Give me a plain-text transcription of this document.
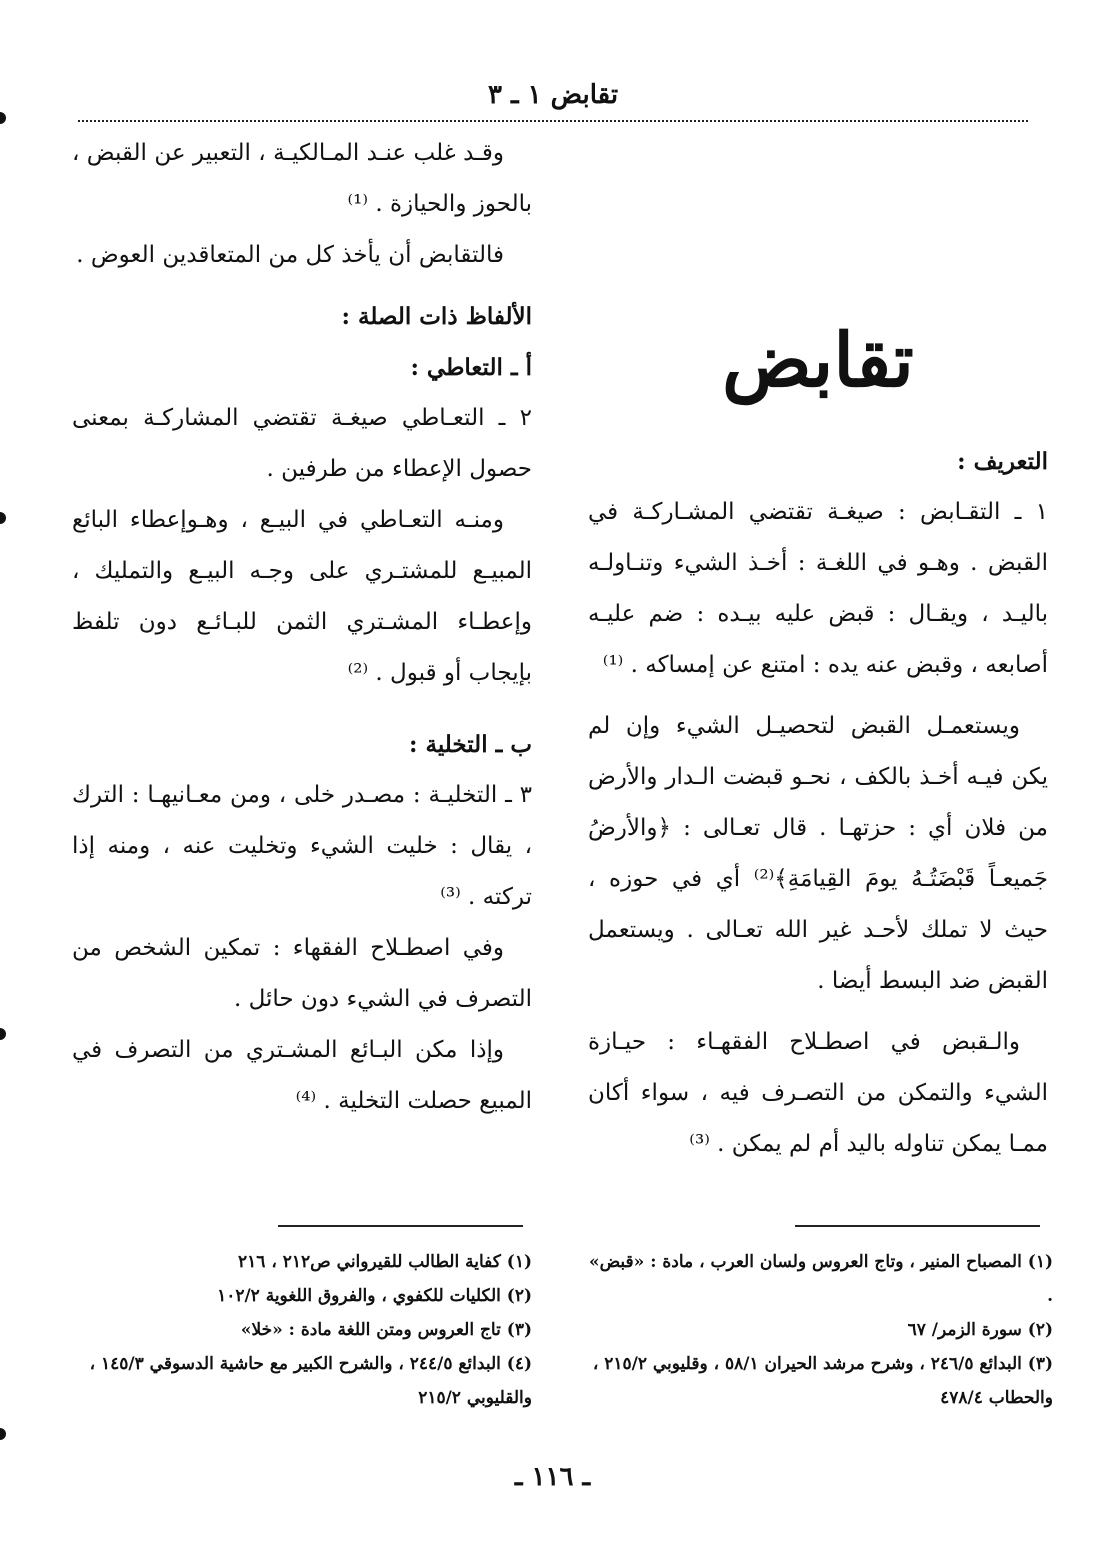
تقابض ١ ـ ٣
تقابض
التعريف :

١ ـ التقـابض : صيغـة تقتضي المشـاركـة في القبض . وهـو في اللغـة : أخـذ الشيء وتنـاولـه باليـد ، ويقـال : قبض عليه بيـده : ضم عليـه أصابعه ، وقبض عنه يده : امتنع عن إمساكه . ⁽¹⁾

ويستعمـل القبض لتحصيـل الشيء وإن لم يكن فيـه أخـذ بالكف ، نحـو قبضت الـدار والأرض من فلان أي : حزتهـا . قال تعـالى : ﴿والأرضُ جَميعـاً قَبْضَتُـهُ يومَ القِيامَةِ﴾⁽²⁾ أي في حوزه ، حيث لا تملك لأحـد غير الله تعـالى . ويستعمل القبض ضد البسط أيضا .

والـقبض في اصطـلاح الفقهـاء : حيـازة الشيء والتمكن من التصـرف فيه ، سواء أكان ممـا يمكن تناوله باليد أم لم يمكن . ⁽³⁾

وقـد غلب عنـد المـالكيـة ، التعبير عن القبض ، بالحوز والحيازة . ⁽¹⁾

فالتقابض أن يأخذ كل من المتعاقدين العوض .

الألفاظ ذات الصلة :
أ ـ التعاطي :

٢ ـ التعـاطي صيغـة تقتضي المشاركـة بمعنى حصول الإعطاء من طرفين .

ومنـه التعـاطي في البيـع ، وهـوإعطاء البائع المبيـع للمشتـري على وجـه البيـع والتمليك ، وإعطـاء المشـتري الثمن للبـائـع دون تلفظ بإيجاب أو قبول . ⁽²⁾

ب ـ التخلية :

٣ ـ التخليـة : مصـدر خلى ، ومن معـانيهـا : الترك ، يقال : خليت الشيء وتخليت عنه ، ومنه إذا تركته . ⁽³⁾

وفي اصطـلاح الفقهاء : تمكين الشخص من التصرف في الشيء دون حائل .

وإذا مكن البـائع المشـتري من التصرف في المبيع حصلت التخلية . ⁽⁴⁾

(١) المصباح المنير ، وتاج العروس ولسان العرب ، مادة : «قبض» .

(٢) سورة الزمر/ ٦٧

(٣) البدائع ٢٤٦/٥ ، وشرح مرشد الحيران ٥٨/١ ، وقليوبي ٢١٥/٢ ، والحطاب ٤٧٨/٤

(١) كفاية الطالب للقيرواني ص٢١٢ ، ٢١٦

(٢) الكليات للكفوي ، والفروق اللغوية ١٠٢/٢

(٣) تاج العروس ومتن اللغة مادة : «خلا»

(٤) البدائع ٢٤٤/٥ ، والشرح الكبير مع حاشية الدسوقي ١٤٥/٣ ، والقليوبي ٢١٥/٢

ـ ١١٦ ـ
